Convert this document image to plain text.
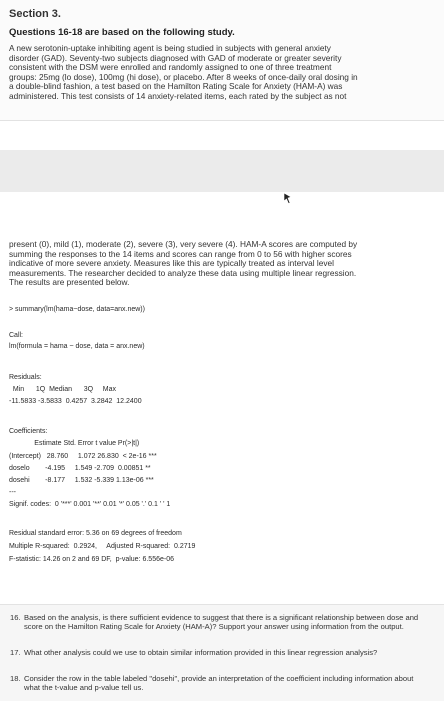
Section 3.
Questions 16-18 are based on the following study.
A new serotonin-uptake inhibiting agent is being studied in subjects with general anxiety
disorder (GAD). Seventy-two subjects diagnosed with GAD of moderate or greater severity
consistent with the DSM were enrolled and randomly assigned to one of three treatment
groups: 25mg (lo dose), 100mg (hi dose), or placebo. After 8 weeks of once-daily oral dosing in
a double-blind fashion, a test based on the Hamilton Rating Scale for Anxiety (HAM-A) was
administered. This test consists of 14 anxiety-related items, each rated by the subject as not
present (0), mild (1), moderate (2), severe (3), very severe (4). HAM-A scores are computed by
summing the responses to the 14 items and scores can range from 0 to 56 with higher scores
indicative of more severe anxiety. Measures like this are typically treated as interval level
measurements. The researcher decided to analyze these data using multiple linear regression.
The results are presented below.
> summary(lm(hama~dose, data=anx.new))
Call:
lm(formula = hama ~ dose, data = anx.new)
Residuals:
Min      1Q  Median      3Q     Max
-11.5833 -3.5833  0.4257  3.2842  12.2400
Coefficients:
Estimate Std. Error t value Pr(>|t|)
(Intercept)   28.760     1.072 26.830  < 2e-16 ***
doselo        -4.195     1.549 -2.709  0.00851 **
dosehi        -8.177     1.532 -5.339 1.13e-06 ***
---
Signif. codes:  0 '***' 0.001 '**' 0.01 '*' 0.05 '.' 0.1 ' ' 1
Residual standard error: 5.36 on 69 degrees of freedom
Multiple R-squared:  0.2924,     Adjusted R-squared:  0.2719
F-statistic: 14.26 on 2 and 69 DF,  p-value: 6.556e-06
16. Based on the analysis, is there sufficient evidence to suggest that there is a significant relationship between dose and score on the Hamilton Rating Scale for Anxiety (HAM-A)? Support your answer using information from the output.
17. What other analysis could we use to obtain similar information provided in this linear regression analysis?
18. Consider the row in the table labeled "dosehi", provide an interpretation of the coefficient including information about what the t-value and p-value tell us.
